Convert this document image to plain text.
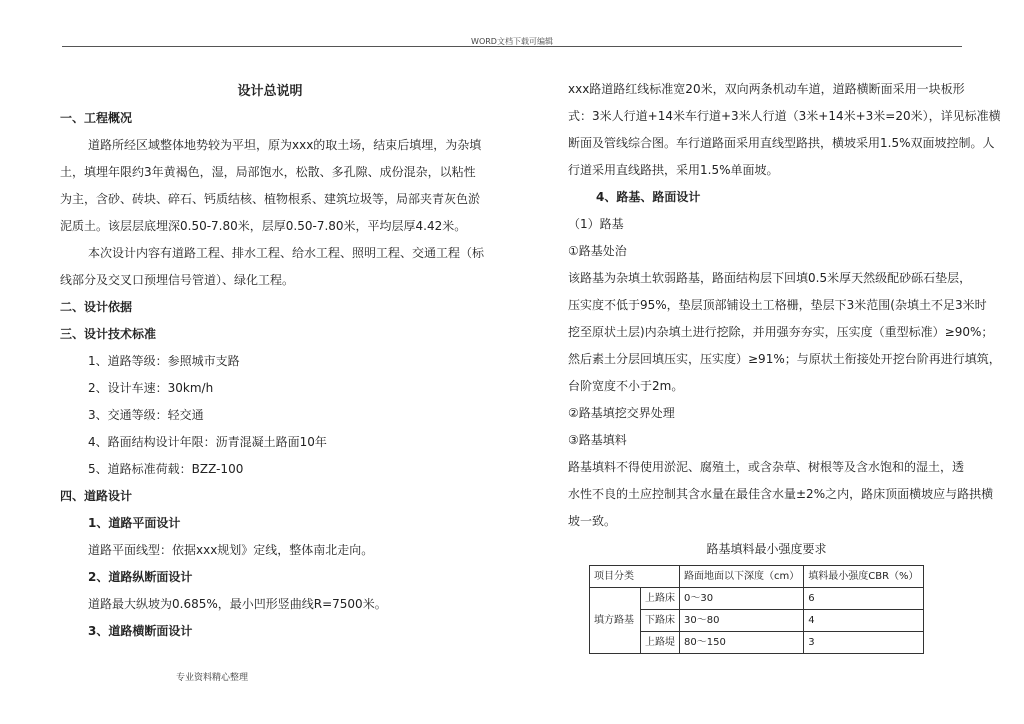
WORD文档下载可编辑
设计总说明
一、工程概况
道路所经区域整体地势较为平坦，原为xxx的取土场，结束后填埋，为杂填
土，填埋年限约3年黄褐色，湿，局部饱水，松散、多孔隙、成份混杂，以粘性
为主，含砂、砖块、碎石、钙质结核、植物根系、建筑垃圾等，局部夹青灰色淤
泥质土。该层层底埋深0.50-7.80米，层厚0.50-7.80米，平均层厚4.42米。
本次设计内容有道路工程、排水工程、给水工程、照明工程、交通工程（标
线部分及交叉口预埋信号管道）、绿化工程。
二、设计依据
三、设计技术标准
1、道路等级：参照城市支路
2、设计车速：30km/h
3、交通等级：轻交通
4、路面结构设计年限：沥青混凝土路面10年
5、道路标准荷载：BZZ-100
四、道路设计
1、道路平面设计
道路平面线型：依据xxx规划》定线，整体南北走向。
2、道路纵断面设计
道路最大纵坡为0.685%，最小凹形竖曲线R=7500米。
3、道路横断面设计
xxx路道路红线标准宽20米，双向两条机动车道，道路横断面采用一块板形
式：3米人行道+14米车行道+3米人行道（3米+14米+3米=20米），详见标准横
断面及管线综合图。车行道路面采用直线型路拱，横坡采用1.5%双面坡控制。人
行道采用直线路拱，采用1.5%单面坡。
4、路基、路面设计
（1）路基
①路基处治
该路基为杂填土软弱路基，路面结构层下回填0.5米厚天然级配砂砾石垫层，
压实度不低于95%，垫层顶部铺设土工格栅，垫层下3米范围(杂填土不足3米时
挖至原状土层)内杂填土进行挖除，并用强夯夯实，压实度（重型标准）≥90%；
然后素土分层回填压实，压实度）≥91%；与原状土衔接处开挖台阶再进行填筑，
台阶宽度不小于2m。
②路基填挖交界处理
③路基填料
路基填料不得使用淤泥、腐殖土，或含杂草、树根等及含水饱和的湿土，透
水性不良的土应控制其含水量在最佳含水量±2%之内，路床顶面横坡应与路拱横
坡一致。
路基填料最小强度要求
项目分类		路面地面以下深度（cm）	填料最小强度CBR（%）
填方路基	上路床	0～30	6
	下路床	30～80	4
	上路堤	80～150	3
专业资料精心整理
